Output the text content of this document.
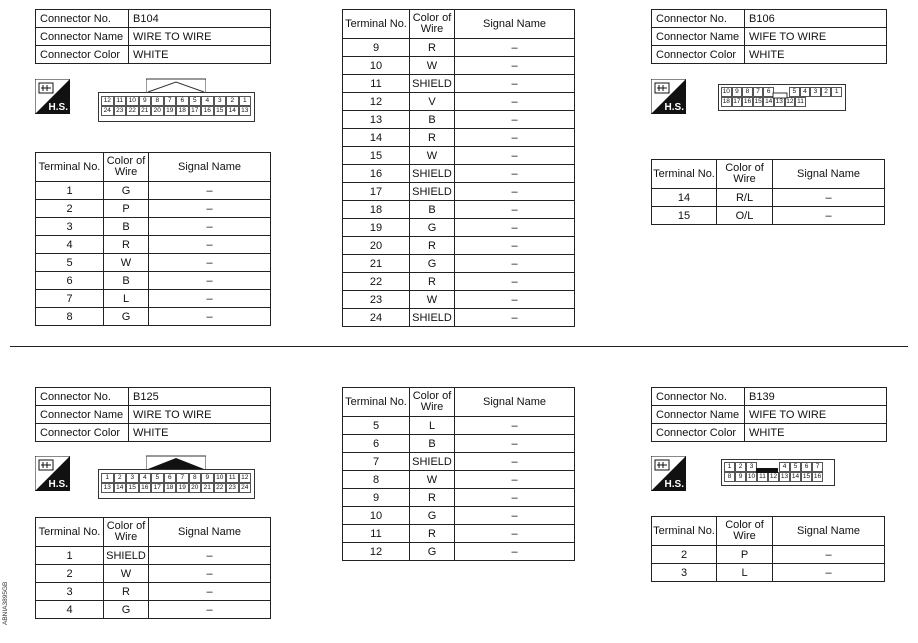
Connector No.	B104
Connector Name	WIRE TO WIRE
Connector Color	WHITE
H.S.
12 11 10	9	8	7	6	5	4	3	2	1
24 23 22 21 20 19 18 17 16 15 14 13
Terminal No.	Color of Wire	Signal Name
1	G	–
2	P	–
3	B	–
4	R	–
5	W	–
6	B	–
7	L	–
8	G	–
Terminal No.	Color of Wire	Signal Name
9	R	–
10	W	–
11	SHIELD	–
12	V	–
13	B	–
14	R	–
15	W	–
16	SHIELD	–
17	SHIELD	–
18	B	–
19	G	–
20	R	–
21	G	–
22	R	–
23	W	–
24	SHIELD	–
Connector No.	B106
Connector Name	WIFE TO WIRE
Connector Color	WHITE
H.S.
10 9	8	7	6	5	4	3	2	1
18 17 16 15 14 13 12 11
Terminal No.	Color of Wire	Signal Name
14	R/L	–
15	O/L	–
Connector No.	B125
Connector Name	WIRE TO WIRE
Connector Color	WHITE
H.S.
1	2	3	4	5	6	7	8	9	10 11 12
13 14 15 16 17 18 19 20 21 22 23 24
Terminal No.	Color of Wire	Signal Name
1	SHIELD	–
2	W	–
3	R	–
4	G	–
Terminal No.	Color of Wire	Signal Name
5	L	–
6	B	–
7	SHIELD	–
8	W	–
9	R	–
10	G	–
11	R	–
12	G	–
Connector No.	B139
Connector Name	WIFE TO WIRE
Connector Color	WHITE
H.S.
1	2	3	4	5	6	7
8	9 10 11 12 13 14 15 16
Terminal No.	Color of Wire	Signal Name
2	P	–
3	L	–
ABNIA3895GB
